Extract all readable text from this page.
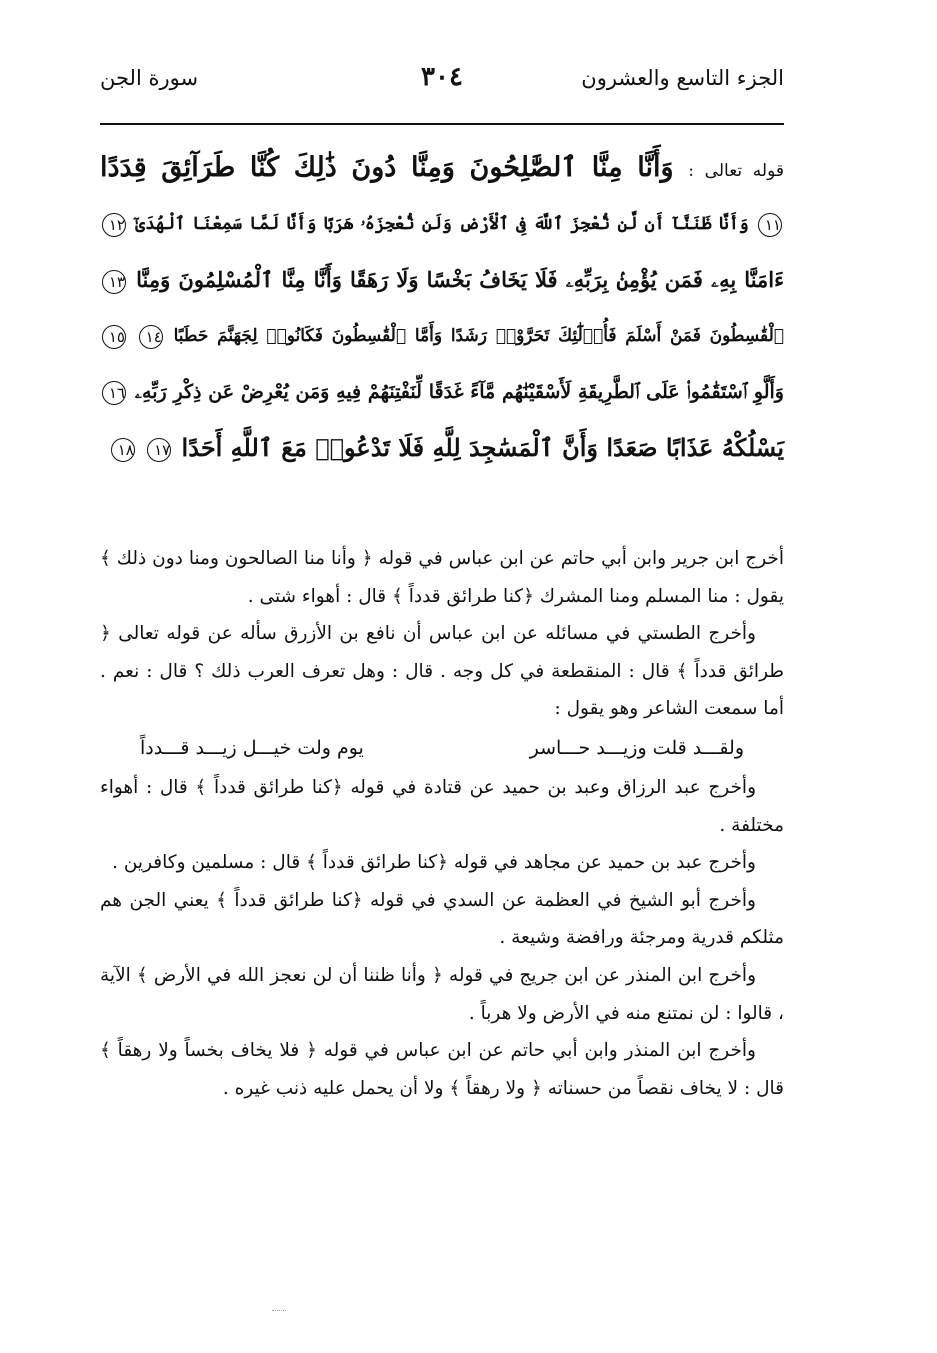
الجزء التاسع والعشرون
٣٠٤
سورة الجن
قوله تعالى : وَأَنَّا مِنَّا ٱلصَّٰلِحُونَ وَمِنَّا دُونَ ذَٰلِكَ كُنَّا طَرَآئِقَ قِدَدًا
١١ وَأَنَّا ظَنَنَّآ أَن لَّن نُّعْجِزَ ٱللَّهَ فِى ٱلْأَرْضِ وَلَن نُّعْجِزَهُۥ هَرَبًا وَأَنَّا لَمَّا سَمِعْنَا ٱلْهُدَىٰٓ ١٢
ءَامَنَّا بِهِۦ فَمَن يُؤْمِنۢ بِرَبِّهِۦ فَلَا يَخَافُ بَخْسًا وَلَا رَهَقًا وَأَنَّا مِنَّا ٱلْمُسْلِمُونَ وَمِنَّا ١٣
ٱلْقَٰسِطُونَ فَمَنْ أَسْلَمَ فَأُو۟لَٰٓئِكَ تَحَرَّوْا۟ رَشَدًا وَأَمَّا ٱلْقَٰسِطُونَ فَكَانُوا۟ لِجَهَنَّمَ حَطَبًا ١٤ ١٥
وَأَلَّوِ ٱسْتَقَٰمُوا۟ عَلَى ٱلطَّرِيقَةِ لَأَسْقَيْنَٰهُم مَّآءً غَدَقًا لِّنَفْتِنَهُمْ فِيهِ وَمَن يُعْرِضْ عَن ذِكْرِ رَبِّهِۦ ١٦
يَسْلُكْهُ عَذَابًا صَعَدًا وَأَنَّ ٱلْمَسَٰجِدَ لِلَّهِ فَلَا تَدْعُوا۟ مَعَ ٱللَّهِ أَحَدًا ١٧ ١٨

أخرج ابن جرير وابن أبي حاتم عن ابن عباس في قوله ﴿ وأنا منا الصالحون ومنا دون ذلك ﴾ يقول : منا المسلم ومنا المشرك ﴿كنا طرائق قدداً ﴾ قال : أهواء شتى .

وأخرج الطستي في مسائله عن ابن عباس أن نافع بن الأزرق سأله عن قوله تعالى ﴿ طرائق قدداً ﴾ قال : المنقطعة في كل وجه . قال : وهل تعرف العرب ذلك ؟ قال : نعم . أما سمعت الشاعر وهو يقول :

ولقـــد قلت وزيـــد حـــاسر
يوم ولت خيـــل زيـــد قـــدداً

وأخرج عبد الرزاق وعبد بن حميد عن قتادة في قوله ﴿كنا طرائق قدداً ﴾ قال : أهواء مختلفة .

وأخرج عبد بن حميد عن مجاهد في قوله ﴿كنا طرائق قدداً ﴾ قال : مسلمين وكافرين .

وأخرج أبو الشيخ في العظمة عن السدي في قوله ﴿كنا طرائق قدداً ﴾ يعني الجن هم مثلكم قدرية ومرجئة ورافضة وشيعة .

وأخرج ابن المنذر عن ابن جريج في قوله ﴿ وأنا ظننا أن لن نعجز الله في الأرض ﴾ الآية ، قالوا : لن نمتنع منه في الأرض ولا هرباً .

وأخرج ابن المنذر وابن أبي حاتم عن ابن عباس في قوله ﴿ فلا يخاف بخساً ولا رهقاً ﴾ قال : لا يخاف نقصاً من حسناته ﴿ ولا رهقاً ﴾ ولا أن يحمل عليه ذنب غيره .
